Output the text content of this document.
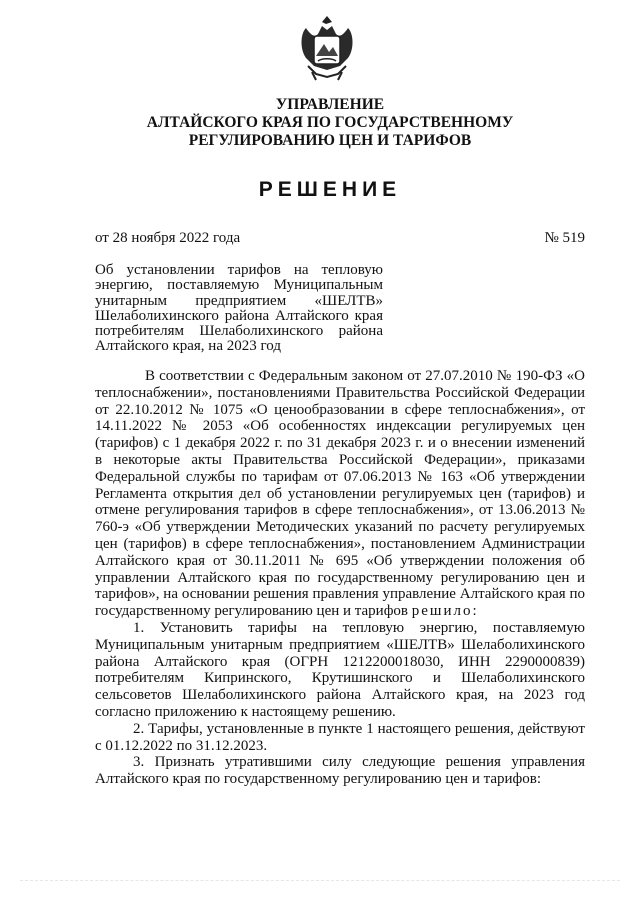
УПРАВЛЕНИЕ
АЛТАЙСКОГО КРАЯ ПО ГОСУДАРСТВЕННОМУ
РЕГУЛИРОВАНИЮ ЦЕН И ТАРИФОВ
РЕШЕНИЕ
от 28 ноября 2022 года	№ 519
Об установлении тарифов на тепловую энергию, поставляемую Муниципальным унитарным предприятием «ШЕЛТВ» Шелаболихинского района Алтайского края потребителям Шелаболихинского района Алтайского края, на 2023 год

В соответствии с Федеральным законом от 27.07.2010 № 190-ФЗ «О теплоснабжении», постановлениями Правительства Российской Федерации от 22.10.2012 № 1075 «О ценообразовании в сфере теплоснабжения», от 14.11.2022 № 2053 «Об особенностях индексации регулируемых цен (тарифов) с 1 декабря 2022 г. по 31 декабря 2023 г. и о внесении изменений в некоторые акты Правительства Российской Федерации», приказами Федеральной службы по тарифам от 07.06.2013 № 163 «Об утверждении Регламента открытия дел об установлении регулируемых цен (тарифов) и отмене регулирования тарифов в сфере теплоснабжения», от 13.06.2013 № 760-э «Об утверждении Методических указаний по расчету регулируемых цен (тарифов) в сфере теплоснабжения», постановлением Администрации Алтайского края от 30.11.2011 № 695 «Об утверждении положения об управлении Алтайского края по государственному регулированию цен и тарифов», на основании решения правления управление Алтайского края по государственному регулированию цен и тарифов решило:

1. Установить тарифы на тепловую энергию, поставляемую Муниципальным унитарным предприятием «ШЕЛТВ» Шелаболихинского района Алтайского края (ОГРН 1212200018030, ИНН 2290000839) потребителям Кипринского, Крутишинского и Шелаболихинского сельсоветов Шелаболихинского района Алтайского края, на 2023 год согласно приложению к настоящему решению.

2. Тарифы, установленные в пункте 1 настоящего решения, действуют с 01.12.2022 по 31.12.2023.

3. Признать утратившими силу следующие решения управления Алтайского края по государственному регулированию цен и тарифов:
